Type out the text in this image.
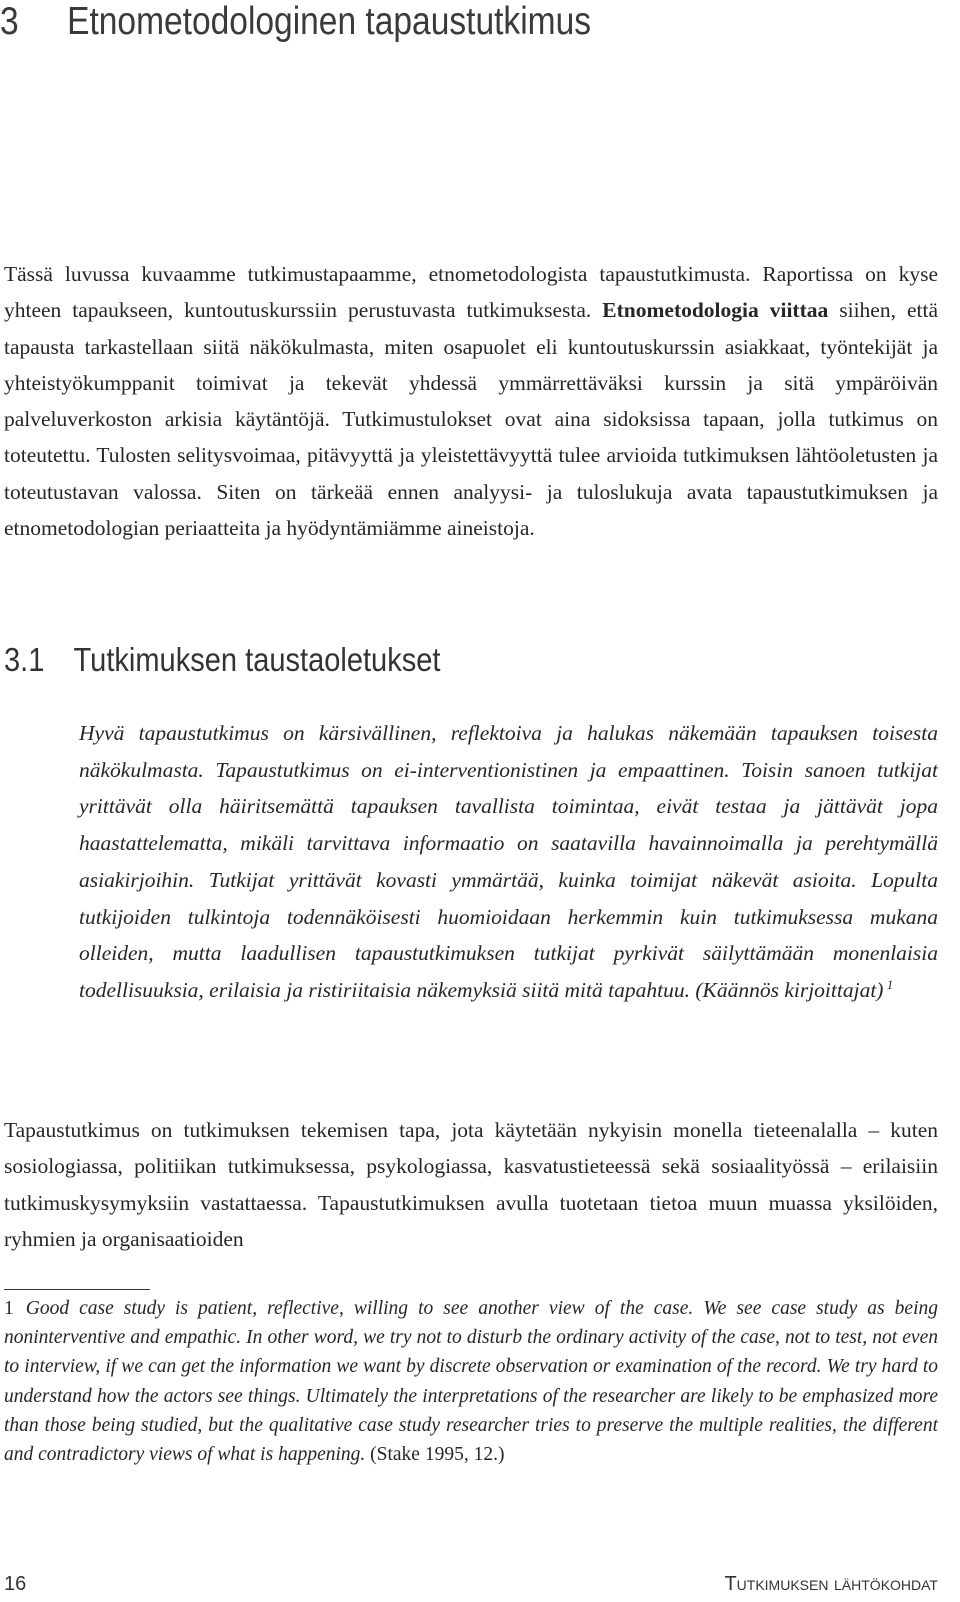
3 Etnometodologinen tapaustutkimus

Tässä luvussa kuvaamme tutkimustapaamme, etnometodologista tapaustutkimusta. Raportissa on kyse yhteen tapaukseen, kuntoutuskurssiin perustuvasta tutkimuksesta. Etnometodologia viittaa siihen, että tapausta tarkastellaan siitä näkökulmasta, miten osapuolet eli kuntoutuskurssin asiakkaat, työntekijät ja yhteistyökumppanit toimivat ja tekevät yhdessä ymmärrettäväksi kurssin ja sitä ympäröivän palveluverkoston arkisia käytäntöjä. Tutkimustulokset ovat aina sidoksissa tapaan, jolla tutkimus on toteutettu. Tulosten selitysvoimaa, pitävyyttä ja yleistettävyyttä tulee arvioida tutkimuksen lähtöoletusten ja toteutustavan valossa. Siten on tärkeää ennen analyysi- ja tuloslukuja avata tapaustutkimuksen ja etnometodologian periaatteita ja hyödyntämiämme aineistoja.

3.1 Tutkimuksen taustaoletukset

Hyvä tapaustutkimus on kärsivällinen, reflektoiva ja halukas näkemään tapauksen toisesta näkökulmasta. Tapaustutkimus on ei-interventionistinen ja empaattinen. Toisin sanoen tutkijat yrittävät olla häiritsemättä tapauksen tavallista toimintaa, eivät testaa ja jättävät jopa haastattelematta, mikäli tarvittava informaatio on saatavilla havainnoimalla ja perehtymällä asiakirjoihin. Tutkijat yrittävät kovasti ymmärtää, kuinka toimijat näkevät asioita. Lopulta tutkijoiden tulkintoja todennäköisesti huomioidaan herkemmin kuin tutkimuksessa mukana olleiden, mutta laadullisen tapaustutkimuksen tutkijat pyrkivät säilyttämään monenlaisia todellisuuksia, erilaisia ja ristiriitaisia näkemyksiä siitä mitä tapahtuu. (Käännös kirjoittajat) $^1$

Tapaustutkimus on tutkimuksen tekemisen tapa, jota käytetään nykyisin monella tieteenalalla – kuten sosiologiassa, politiikan tutkimuksessa, psykologiassa, kasvatustieteessä sekä sosiaalityössä – erilaisiin tutkimuskysymyksiin vastattaessa. Tapaustutkimuksen avulla tuotetaan tietoa muun muassa yksilöiden, ryhmien ja organisaatioiden

1 Good case study is patient, reflective, willing to see another view of the case. We see case study as being noninterventive and empathic. In other word, we try not to disturb the ordinary activity of the case, not to test, not even to interview, if we can get the information we want by discrete observation or examination of the record. We try hard to understand how the actors see things. Ultimately the interpretations of the researcher are likely to be emphasized more than those being studied, but the qualitative case study researcher tries to preserve the multiple realities, the different and contradictory views of what is happening. (Stake 1995, 12.)

16	Tutkimuksen lähtökohdat
